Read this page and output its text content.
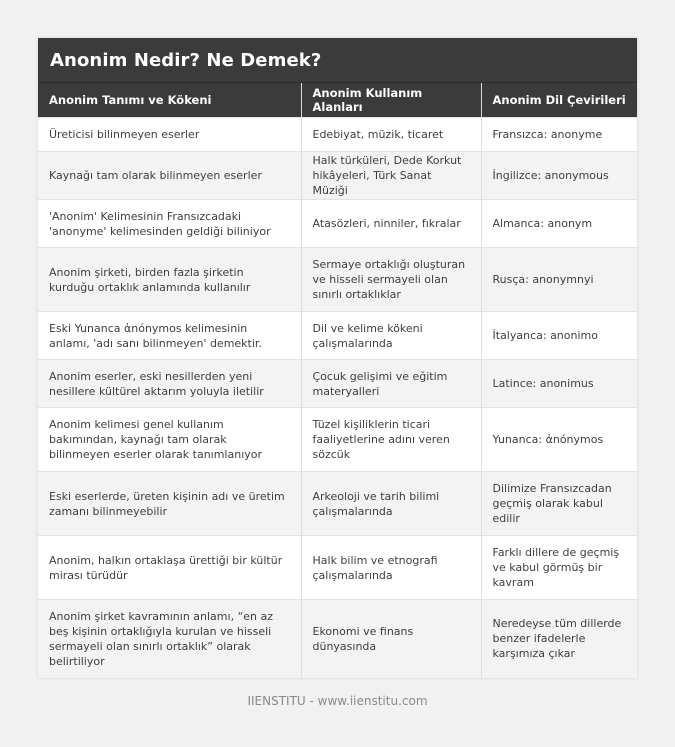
Anonim Nedir? Ne Demek?
Anonim Tanımı ve Kökeni	Anonim Kullanım Alanları	Anonim Dil Çevirileri
Üreticisi bilinmeyen eserler	Edebiyat, müzik, ticaret	Fransızca: anonyme
Kaynağı tam olarak bilinmeyen eserler	Halk türküleri, Dede Korkut hikâyeleri, Türk Sanat Müziği	İngilizce: anonymous
'Anonim' Kelimesinin Fransızcadaki 'anonyme' kelimesinden geldiği biliniyor	Atasözleri, ninniler, fıkralar	Almanca: anonym
Anonim şirketi, birden fazla şirketin kurduğu ortaklık anlamında kullanılır	Sermaye ortaklığı oluşturan ve hisseli sermayeli olan sınırlı ortaklıklar	Rusça: anonymnyi
Eski Yunanca ἀnónymos kelimesinin anlamı, 'adı sanı bilinmeyen' demektir.	Dil ve kelime kökeni çalışmalarında	İtalyanca: anonimo
Anonim eserler, eski nesillerden yeni nesillere kültürel aktarım yoluyla iletilir	Çocuk gelişimi ve eğitim materyalleri	Latince: anonimus
Anonim kelimesi genel kullanım bakımından, kaynağı tam olarak bilinmeyen eserler olarak tanımlanıyor	Tüzel kişiliklerin ticari faaliyetlerine adını veren sözcük	Yunanca: ἀnónymos
Eski eserlerde, üreten kişinin adı ve üretim zamanı bilinmeyebilir	Arkeoloji ve tarih bilimi çalışmalarında	Dilimize Fransızcadan geçmiş olarak kabul edilir
Anonim, halkın ortaklaşa ürettiği bir kültür mirası türüdür	Halk bilim ve etnografi çalışmalarında	Farklı dillere de geçmiş ve kabul görmüş bir kavram
Anonim şirket kavramının anlamı, “en az beş kişinin ortaklığıyla kurulan ve hisseli sermayeli olan sınırlı ortaklık” olarak belirtiliyor	Ekonomi ve finans dünyasında	Neredeyse tüm dillerde benzer ifadelerle karşımıza çıkar
IIENSTITU - www.iienstitu.com
